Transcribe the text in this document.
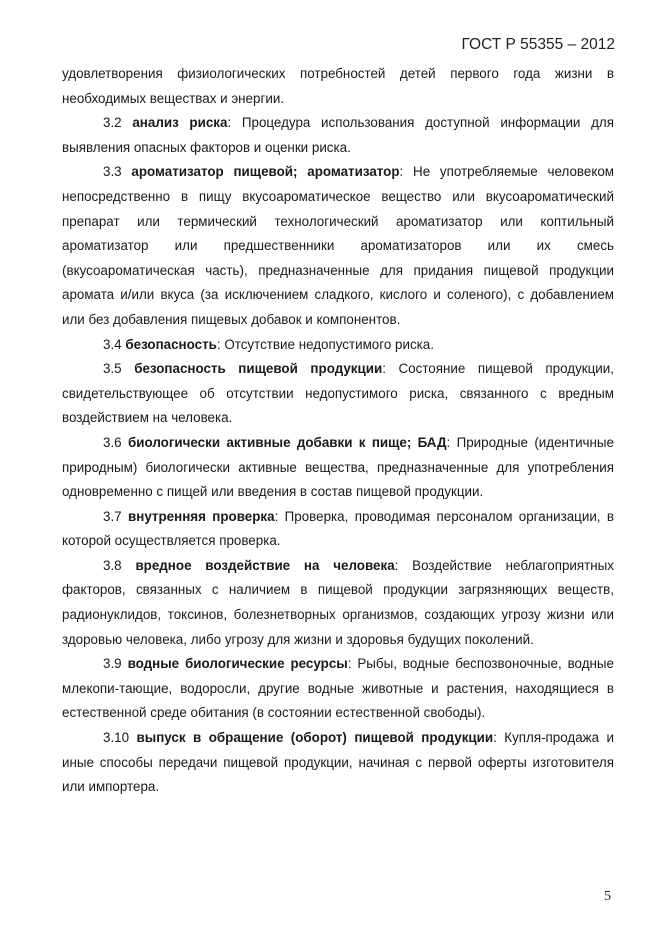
ГОСТ Р 55355 – 2012

удовлетворения физиологических потребностей детей первого года жизни в необходимых веществах и энергии.

3.2 анализ риска: Процедура использования доступной информации для выявления опасных факторов и оценки риска.

3.3 ароматизатор пищевой; ароматизатор: Не употребляемые человеком непосредственно в пищу вкусоароматическое вещество или вкусоароматический препарат или термический технологический ароматизатор или коптильный ароматизатор или предшественники ароматизаторов или их смесь (вкусоароматическая часть), предназначенные для придания пищевой продукции аромата и/или вкуса (за исключением сладкого, кислого и соленого), с добавлением или без добавления пищевых добавок и компонентов.

3.4 безопасность: Отсутствие недопустимого риска.

3.5 безопасность пищевой продукции: Состояние пищевой продукции, свидетельствующее об отсутствии недопустимого риска, связанного с вредным воздействием на человека.

3.6 биологически активные добавки к пище; БАД: Природные (идентичные природным) биологически активные вещества, предназначенные для употребления одновременно с пищей или введения в состав пищевой продукции.

3.7 внутренняя проверка: Проверка, проводимая персоналом организации, в которой осуществляется проверка.

3.8 вредное воздействие на человека: Воздействие неблагоприятных факторов, связанных с наличием в пищевой продукции загрязняющих веществ, радионуклидов, токсинов, болезнетворных организмов, создающих угрозу жизни или здоровью человека, либо угрозу для жизни и здоровья будущих поколений.

3.9 водные биологические ресурсы: Рыбы, водные беспозвоночные, водные млекопи-тающие, водоросли, другие водные животные и растения, находящиеся в естественной среде обитания (в состоянии естественной свободы).

3.10 выпуск в обращение (оборот) пищевой продукции: Купля-продажа и иные способы передачи пищевой продукции, начиная с первой оферты изготовителя или импортера.

5
